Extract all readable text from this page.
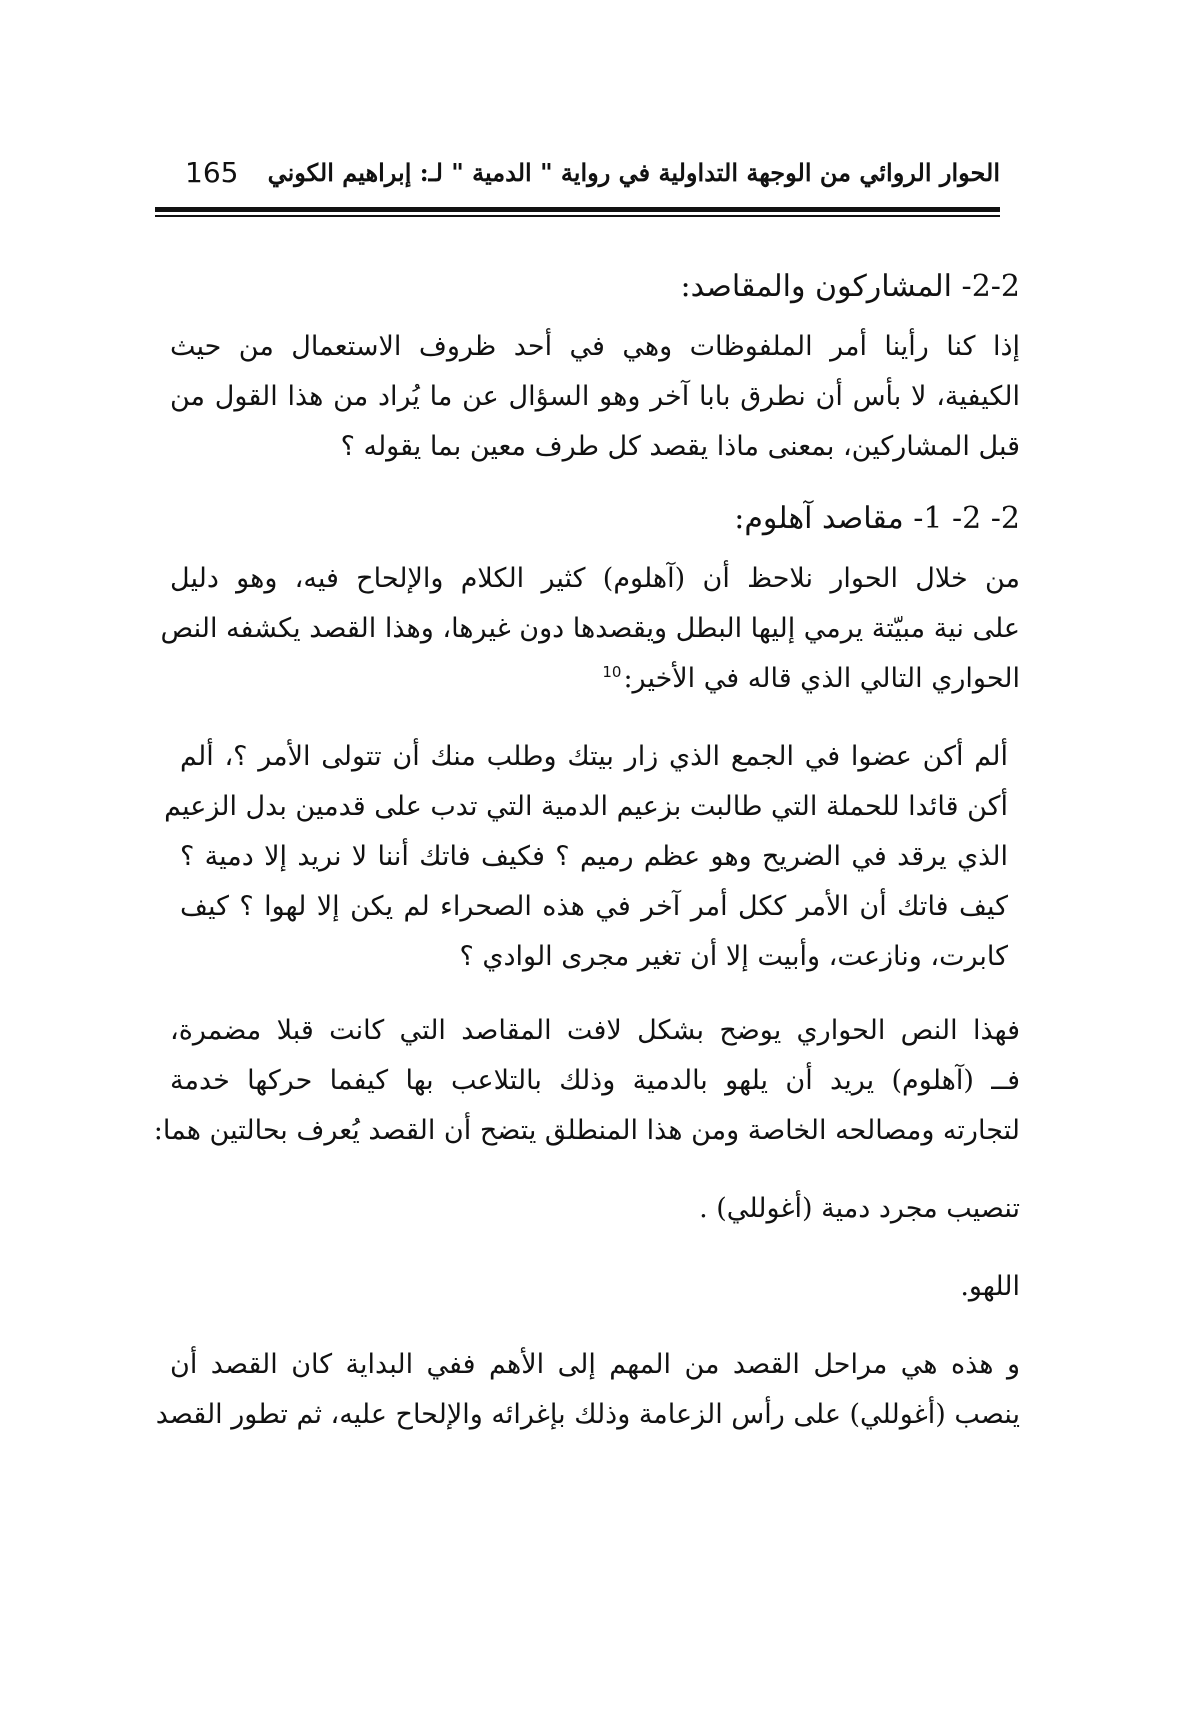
165 الحوار الروائي من الوجهة التداولية في رواية " الدمية " لـ: إبراهيم الكوني
2-2- المشاركون والمقاصد:
إذا كنا رأينا أمر الملفوظات وهي في أحد ظروف الاستعمال من حيث
الكيفية، لا بأس أن نطرق بابا آخر وهو السؤال عن ما يُراد من هذا القول من
قبل المشاركين، بمعنى ماذا يقصد كل طرف معين بما يقوله ؟
2- 2- 1- مقاصد آهلوم:
من خلال الحوار نلاحظ أن (آهلوم) كثير الكلام والإلحاح فيه، وهو دليل
على نية مبيّتة يرمي إليها البطل ويقصدها دون غيرها، وهذا القصد يكشفه النص
الحواري التالي الذي قاله في الأخير:$^{10}$
ألم أكن عضوا في الجمع الذي زار بيتك وطلب منك أن تتولى الأمر ؟، ألم
أكن قائدا للحملة التي طالبت بزعيم الدمية التي تدب على قدمين بدل الزعيم
الذي يرقد في الضريح وهو عظم رميم ؟ فكيف فاتك أننا لا نريد إلا دمية ؟
كيف فاتك أن الأمر ككل أمر آخر في هذه الصحراء لم يكن إلا لهوا ؟ كيف
كابرت، ونازعت، وأبيت إلا أن تغير مجرى الوادي ؟
فهذا النص الحواري يوضح بشكل لافت المقاصد التي كانت قبلا مضمرة،
فــ (آهلوم) يريد أن يلهو بالدمية وذلك بالتلاعب بها كيفما حركها خدمة
لتجارته ومصالحه الخاصة ومن هذا المنطلق يتضح أن القصد يُعرف بحالتين هما:
تنصيب مجرد دمية (أغوللي) .
اللهو.
و هذه هي مراحل القصد من المهم إلى الأهم ففي البداية كان القصد أن
ينصب (أغوللي) على رأس الزعامة وذلك بإغرائه والإلحاح عليه، ثم تطور القصد
